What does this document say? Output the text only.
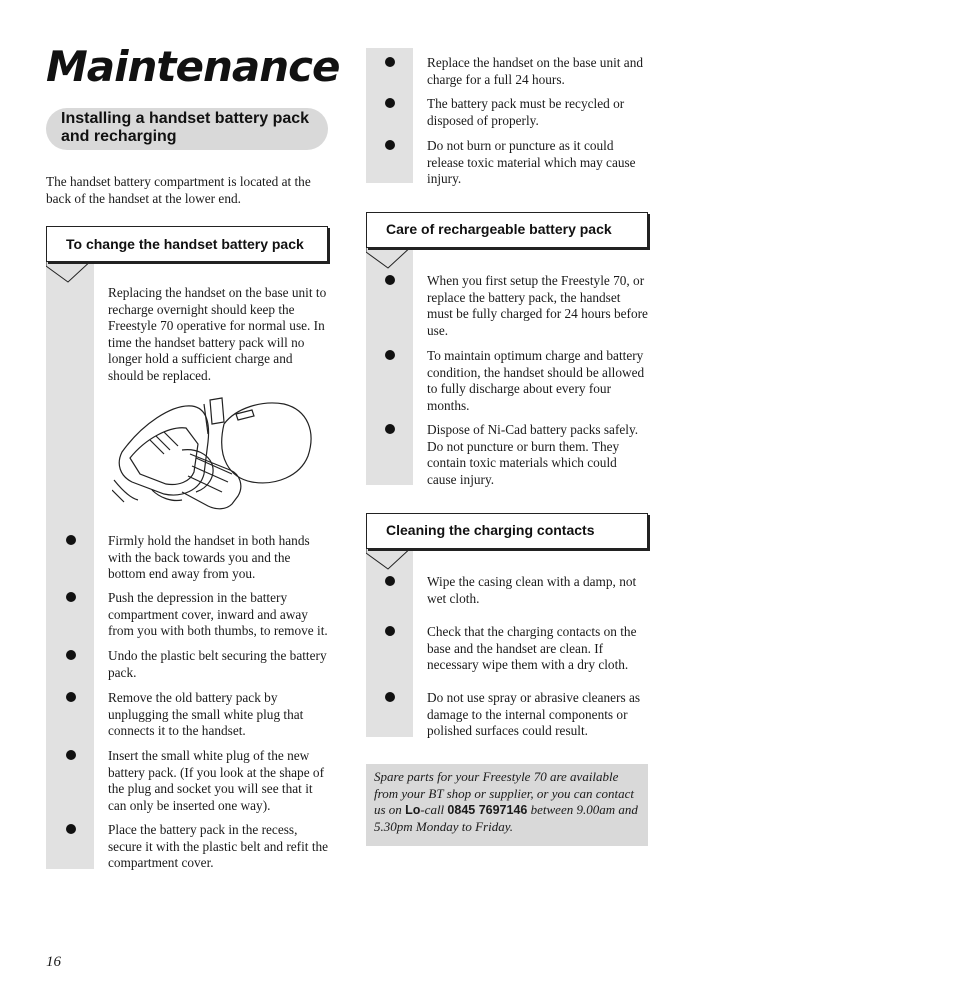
Maintenance
Installing a handset battery pack and recharging
The handset battery compartment is located at the back of the handset at the lower end.
To change the handset battery pack
Replacing the handset on the base unit to recharge overnight should keep the Freestyle 70 operative for normal use. In time the handset battery pack will no longer hold a sufficient charge and should be replaced.
Firmly hold the handset in both hands with the back towards you and the bottom end away from you.
Push the depression in the battery compartment cover, inward and away from you with both thumbs, to remove it.
Undo the plastic belt securing the battery pack.
Remove the old battery pack by unplugging the small white plug that connects it to the handset.
Insert the small white plug of the new battery pack. (If you look at the shape of the plug and socket you will see that it can only be inserted one way).
Place the battery pack in the recess, secure it with the plastic belt and refit the compartment cover.
Replace the handset on the base unit and charge for a full 24 hours.
The battery pack must be recycled or disposed of properly.
Do not burn or puncture as it could release toxic material which may cause injury.
Care of rechargeable battery pack
When you first setup the Freestyle 70, or replace the battery pack, the handset must be fully charged for 24 hours before use.
To maintain optimum charge and battery condition, the handset should be allowed to fully discharge about every four months.
Dispose of Ni-Cad battery packs safely. Do not puncture or burn them. They contain toxic materials which could cause injury.
Cleaning the charging contacts
Wipe the casing clean with a damp, not wet cloth.
Check that the charging contacts on the base and the handset are clean. If necessary wipe them with a dry cloth.
Do not use spray or abrasive cleaners as damage to the internal components or polished surfaces could result.
Spare parts for your Freestyle 70 are available from your BT shop or supplier, or you can contact us on Lo-call 0845 7697146 between 9.00am and 5.30pm Monday to Friday.
16
